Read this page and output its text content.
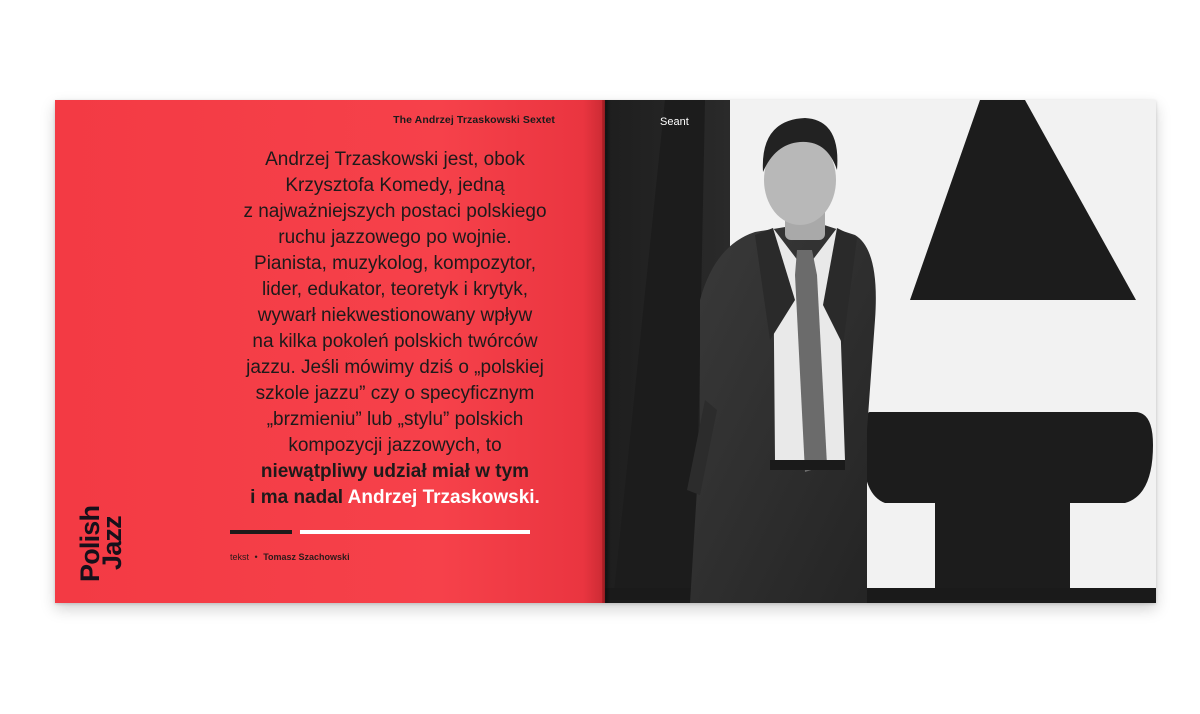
The Andrzej Trzaskowski Sextet
Andrzej Trzaskowski jest, obok
Krzysztofa Komedy, jedną
z najważniejszych postaci polskiego
ruchu jazzowego po wojnie.
Pianista, muzykolog, kompozytor,
lider, edukator, teoretyk i krytyk,
wywarł niekwestionowany wpływ
na kilka pokoleń polskich twórców
jazzu. Jeśli mówimy dziś o „polskiej
szkole jazzu” czy o specyficznym
„brzmieniu” lub „stylu” polskich
kompozycji jazzowych, to
niewątpliwy udział miał w tym
i ma nadal Andrzej Trzaskowski.
tekst • Tomasz Szachowski
Polish
Jazz
Seant
